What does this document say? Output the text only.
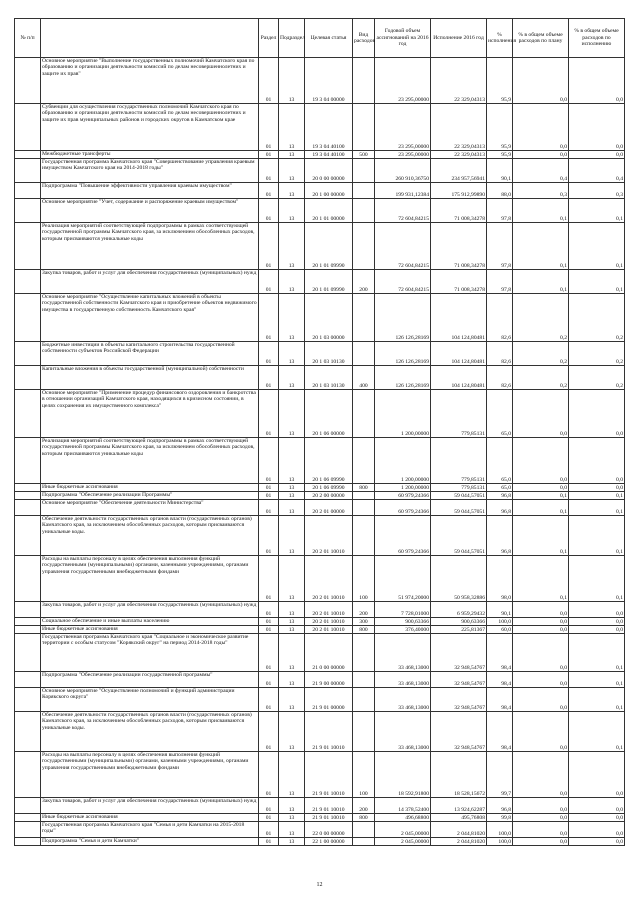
№ п/п		Раздел	Подраздел	Целевая статья	Вид расходов	Годовой объем ассигнований на 2016 год	Исполнение 2016 год	% исполнения	% в общем объеме расходов по плану	% в общем объеме расходов по исполнению
	Основное мероприятие "Выполнение государственных полномочий Камчатского края по образованию и организации деятельности комиссий по делам несовершеннолетних и защите их прав"	01	13	19 3 04 00000		23 295,00000	22 329,04313	95,9	0,0	0,0
	Субвенции для осуществления государственных полномочий Камчатского края по образованию и организации деятельности комиссий по делам несовершеннолетних и защите их прав муниципальных районов и городских округов в Камчатском крае	01	13	19 3 04 40100		23 295,00000	22 329,04313	95,9	0,0	0,0
	Межбюджетные трансферты	01	13	19 3 04 40100	500	23 295,00000	22 329,04313	95,9	0,0	0,0
	Государственная программа Камчатского края "Совершенствование управления краевым имуществом Камчатского края на 2014-2018 годы"	01	13	20 0 00 00000		260 910,36750	234 957,56941	90,1	0,4	0,4
	Подпрограмма "Повышение эффективности управления краевым имуществом"	01	13	20 1 00 00000		199 931,12384	175 912,99890	88,0	0,3	0,3
	Основное мероприятие "Учет, содержание и распоряжение краевым имуществом"	01	13	20 1 01 00000		72 604,84215	71 008,34278	97,8	0,1	0,1
	Реализация мероприятий соответствующей подпрограммы в рамках соответствующей государственной программы Камчатского края, за исключением обособленных расходов, которым присваиваются уникальные коды	01	13	20 1 01 09990		72 604,84215	71 008,34278	97,8	0,1	0,1
	Закупка товаров, работ и услуг для обеспечения государственных (муниципальных) нужд	01	13	20 1 01 09990	200	72 604,84215	71 008,34278	97,8	0,1	0,1
	Основное мероприятие "Осуществление капитальных вложений в объекты государственной собственности Камчатского края и приобретение объектов недвижимого имущества в государственную собственность Камчатского края"	01	13	20 1 03 00000		126 126,28169	104 124,80481	82,6	0,2	0,2
	Бюджетные инвестиции в объекты капитального строительства государственной собственности субъектов Российской Федерации	01	13	20 1 03 10130		126 126,28169	104 124,80481	82,6	0,2	0,2
	Капитальные вложения в объекты государственной (муниципальной) собственности	01	13	20 1 03 10130	400	126 126,28169	104 124,80481	82,6	0,2	0,2
	Основное мероприятие "Применение процедур финансового оздоровления и банкротства в отношении организаций Камчатского края, находящихся в кризисном состоянии, в целях сохранения их имущественного комплекса"	01	13	20 1 06 00000		1 200,00000	779,85131	65,0	0,0	0,0
	Реализация мероприятий соответствующей подпрограммы в рамках соответствующей государственной программы Камчатского края, за исключением обособленных расходов, которым присваиваются уникальные коды	01	13	20 1 06 09990		1 200,00000	779,85131	65,0	0,0	0,0
	Иные бюджетные ассигнования	01	13	20 1 06 09990	800	1 200,00000	779,85131	65,0	0,0	0,0
	Подпрограмма "Обеспечение реализации Программы"	01	13	20 2 00 00000		60 979,24366	59 044,57051	96,8	0,1	0,1
	Основное мероприятие "Обеспечение деятельности Министерства"	01	13	20 2 01 00000		60 979,24366	59 044,57051	96,8	0,1	0,1
	Обеспечение деятельности государственных органов власти (государственных органов) Камчатского края, за исключением обособленных расходов, которым присваиваются уникальные коды.	01	13	20 2 01 10010		60 979,24366	59 044,57051	96,8	0,1	0,1
	Расходы на выплаты персоналу в целях обеспечения выполнения функций государственными (муниципальными) органами, казенными учреждениями, органами управления государственными внебюджетными фондами	01	13	20 2 01 10010	100	51 974,20000	50 958,32886	98,0	0,1	0,1
	Закупка товаров, работ и услуг для обеспечения государственных (муниципальных) нужд	01	13	20 2 01 10010	200	7 728,01000	6 959,29432	90,1	0,0	0,0
	Социальное обеспечение и иные выплаты населению	01	13	20 2 01 10010	300	900,63366	900,63366	100,0	0,0	0,0
	Иные бюджетные ассигнования	01	13	20 2 01 10010	800	376,40000	225,81367	60,0	0,0	0,0
	Государственная программа Камчатского края "Социальное и экономическое развитие территории с особым статусом "Корякский округ" на период 2014-2018 годы"	01	13	21 0 00 00000		33 468,13000	32 948,54767	98,4	0,0	0,1
	Подпрограмма "Обеспечение реализации государственной программы"	01	13	21 9 00 00000		33 468,13000	32 948,54767	98,4	0,0	0,1
	Основное мероприятие "Осуществление полномочий и функций администрации Корякского округа"	01	13	21 9 01 00000		33 468,13000	32 948,54767	98,4	0,0	0,1
	Обеспечение деятельности государственных органов власти (государственных органов) Камчатского края, за исключением обособленных расходов, которым присваиваются уникальные коды.	01	13	21 9 01 10010		33 468,13000	32 948,54767	98,4	0,0	0,1
	Расходы на выплаты персоналу в целях обеспечения выполнения функций государственными (муниципальными) органами, казенными учреждениями, органами управления государственными внебюджетными фондами	01	13	21 9 01 10010	100	18 592,91800	18 528,15672	99,7	0,0	0,0
	Закупка товаров, работ и услуг для обеспечения государственных (муниципальных) нужд	01	13	21 9 01 10010	200	14 378,52400	13 924,62287	96,8	0,0	0,0
	Иные бюджетные ассигнования	01	13	21 9 01 10010	800	496,68800	495,76808	99,8	0,0	0,0
	Государственная программа Камчатского края "Семья и дети Камчатки на 2015-2018 годы"	01	13	22 0 00 00000		2 045,00000	2 044,81020	100,0	0,0	0,0
	Подпрограмма "Семья и дети Камчатки"	01	13	22 1 00 00000		2 045,00000	2 044,81020	100,0	0,0	0,0
12
